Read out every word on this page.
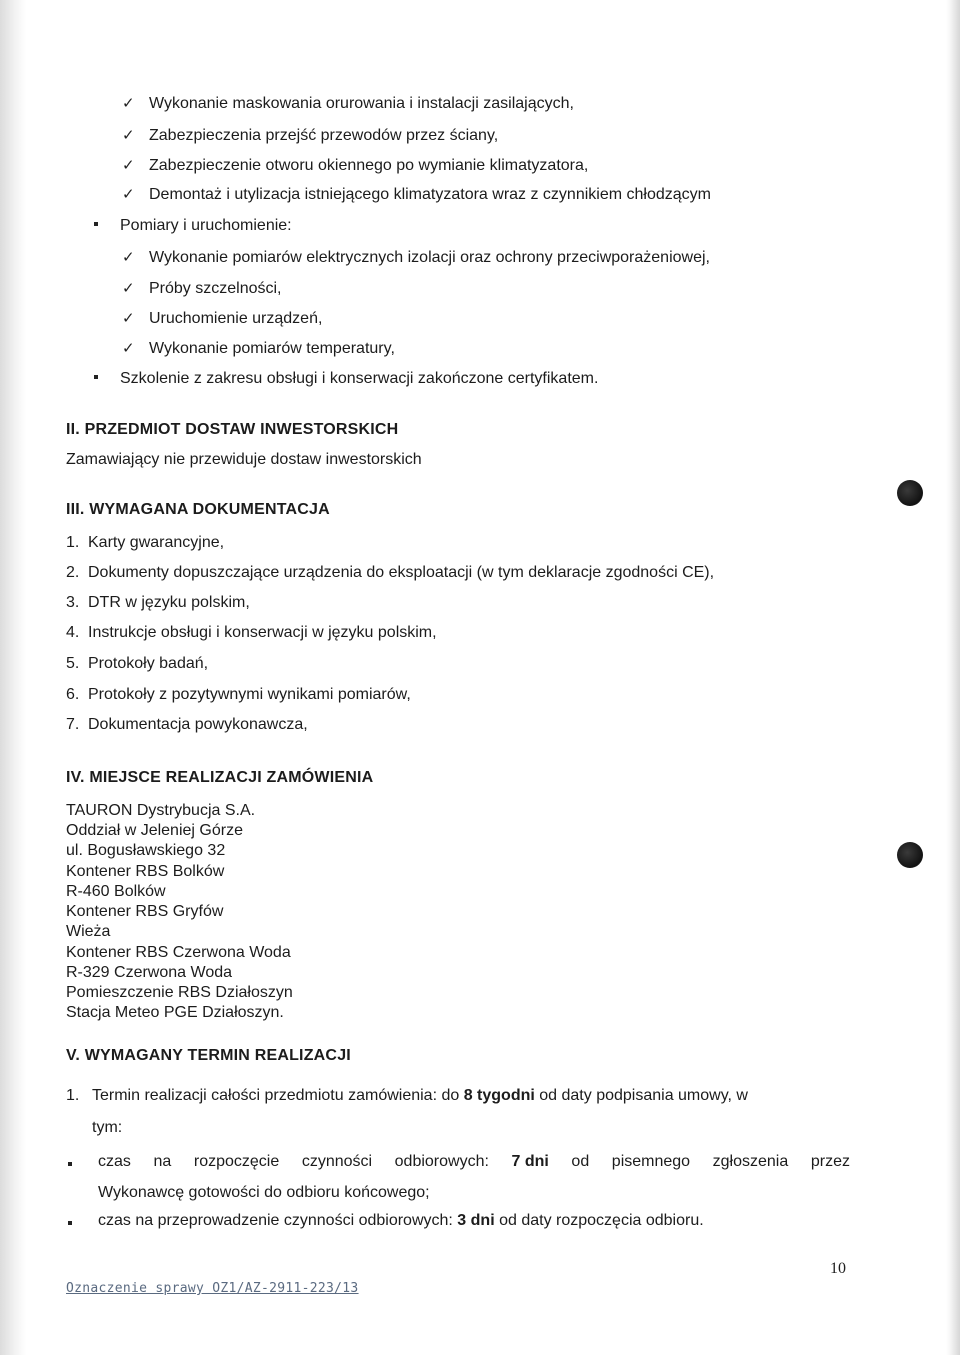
✓ Wykonanie maskowania orurowania i instalacji zasilających,
✓ Zabezpieczenia przejść przewodów przez ściany,
✓ Zabezpieczenie otworu okiennego po wymianie klimatyzatora,
✓ Demontaż i utylizacja istniejącego klimatyzatora wraz z czynnikiem chłodzącym
Pomiary i uruchomienie:
✓ Wykonanie pomiarów elektrycznych izolacji oraz ochrony przeciwporażeniowej,
✓ Próby szczelności,
✓ Uruchomienie urządzeń,
✓ Wykonanie pomiarów temperatury,
Szkolenie z zakresu obsługi i konserwacji zakończone certyfikatem.
II. PRZEDMIOT DOSTAW INWESTORSKICH
Zamawiający nie przewiduje dostaw inwestorskich
III. WYMAGANA DOKUMENTACJA
1. Karty gwarancyjne,
2. Dokumenty dopuszczające urządzenia do eksploatacji (w tym deklaracje zgodności CE),
3. DTR w języku polskim,
4. Instrukcje obsługi i konserwacji w języku polskim,
5. Protokoły badań,
6. Protokoły z pozytywnymi wynikami pomiarów,
7. Dokumentacja powykonawcza,
IV. MIEJSCE REALIZACJI ZAMÓWIENIA
TAURON Dystrybucja S.A.
Oddział w Jeleniej Górze
ul. Bogusławskiego 32
Kontener RBS Bolków
R-460 Bolków
Kontener RBS Gryfów
Wieża
Kontener RBS Czerwona Woda
R-329 Czerwona Woda
Pomieszczenie RBS Działoszyn
Stacja Meteo PGE Działoszyn.
V. WYMAGANY TERMIN REALIZACJI
1. Termin realizacji całości przedmiotu zamówienia: do 8 tygodni od daty podpisania umowy, w
tym:
czas na rozpoczęcie czynności odbiorowych: 7 dni od pisemnego zgłoszenia przez
Wykonawcę gotowości do odbioru końcowego;
czas na przeprowadzenie czynności odbiorowych: 3 dni od daty rozpoczęcia odbioru.
10
Oznaczenie sprawy OZ1/AZ-2911-223/13
